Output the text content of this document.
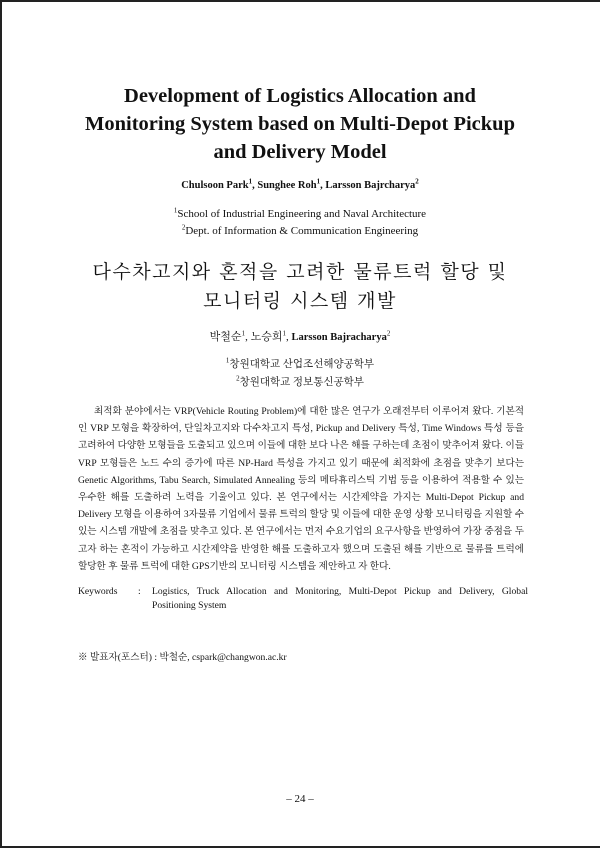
Development of Logistics Allocation and
Monitoring System based on Multi-Depot Pickup
and Delivery Model
Chulsoon Park$^1$, Sunghee Roh$^1$, Larsson Bajrcharya$^2$
$^1$School of Industrial Engineering and Naval Architecture
$^2$Dept. of Information & Communication Engineering
다수차고지와 혼적을 고려한 물류트럭 할당 및
모니터링 시스템 개발
박철순$^1$, 노승희$^1$, Larsson Bajracharya$^2$
$^1$창원대학교 산업조선해양공학부
$^2$창원대학교 정보통신공학부

최적화 분야에서는 VRP(Vehicle Routing Problem)에 대한 많은 연구가 오래전부터 이루어져 왔다. 기본적인 VRP 모형을 확장하여, 단일차고지와 다수차고지 특성, Pickup and Delivery 특성, Time Windows 특성 등을 고려하여 다양한 모형들을 도출되고 있으며 이들에 대한 보다 나은 해를 구하는데 초점이 맞추어져 왔다. 이들 VRP 모형들은 노드 수의 증가에 따른 NP-Hard 특성을 가지고 있기 때문에 최적화에 초점을 맞추기 보다는 Genetic Algorithms, Tabu Search, Simulated Annealing 등의 메타휴리스틱 기법 등을 이용하여 적용할 수 있는 우수한 해를 도출하려 노력을 기울이고 있다. 본 연구에서는 시간제약을 가지는 Multi-Depot Pickup and Delivery 모형을 이용하여 3자물류 기업에서 물류 트럭의 할당 및 이들에 대한 운영 상황 모니터링을 지원할 수 있는 시스템 개발에 초점을 맞추고 있다. 본 연구에서는 먼저 수요기업의 요구사항을 반영하여 가장 중점을 두고자 하는 혼적이 가능하고 시간제약을 반영한 해를 도출하고자 했으며 도출된 해를 기반으로 물류를 트럭에 할당한 후 물류 트럭에 대한 GPS기반의 모니터링 시스템을 제안하고 자 한다.

Keywords	:	Logistics, Truck Allocation and Monitoring, Multi-Depot Pickup and Delivery, Global Positioning System
※ 발표자(포스터) : 박철순, cspark@changwon.ac.kr
– 24 –
